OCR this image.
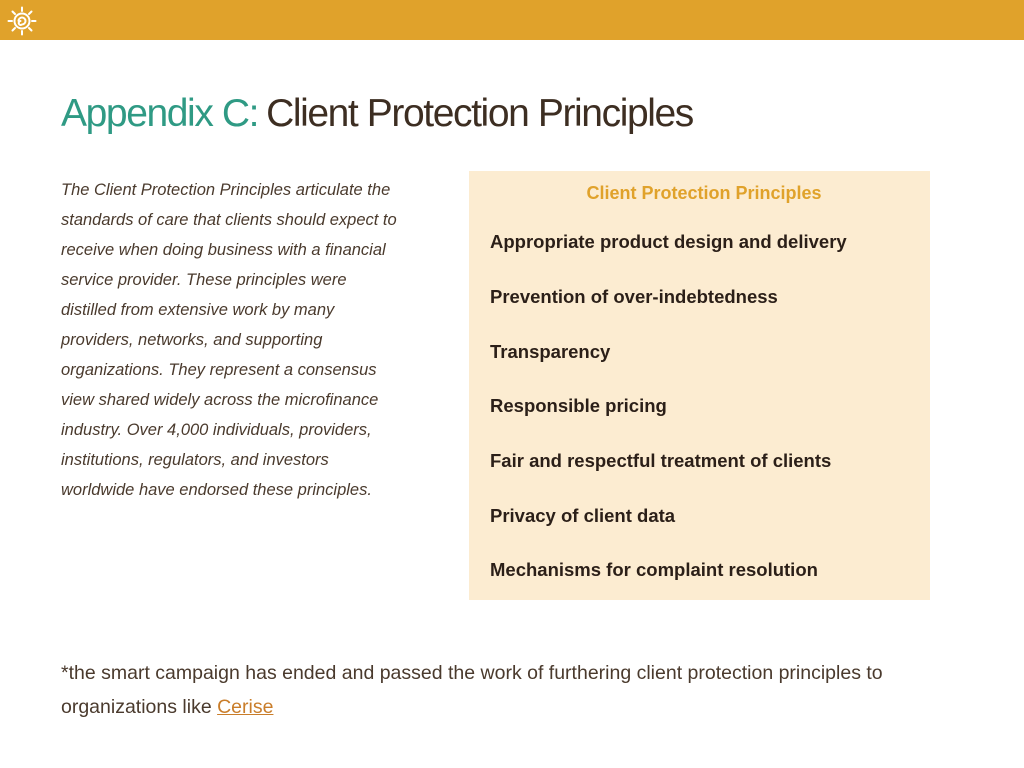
Appendix C: Client Protection Principles

The Client Protection Principles articulate the standards of care that clients should expect to receive when doing business with a financial service provider. These principles were distilled from extensive work by many providers, networks, and supporting organizations. They represent a consensus view shared widely across the microfinance industry. Over 4,000 individuals, providers, institutions, regulators, and investors worldwide have endorsed these principles.

Client Protection Principles
Appropriate product design and delivery
Prevention of over-indebtedness
Transparency
Responsible pricing
Fair and respectful treatment of clients
Privacy of client data
Mechanisms for complaint resolution

*the smart campaign has ended and passed the work of furthering client protection principles to organizations like Cerise
